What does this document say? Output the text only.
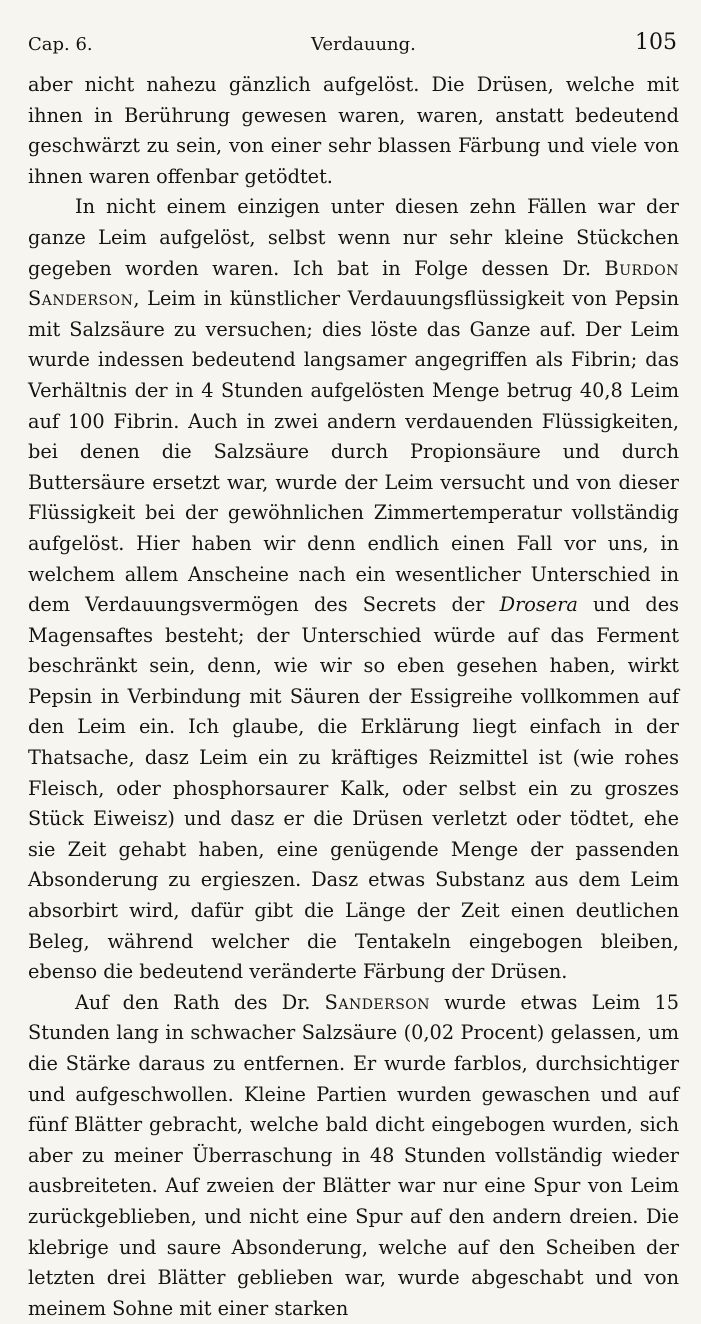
Cap. 6.	Verdauung.	105

aber nicht nahezu gänzlich aufgelöst. Die Drüsen, welche mit ihnen in Berührung gewesen waren, waren, anstatt bedeutend geschwärzt zu sein, von einer sehr blassen Färbung und viele von ihnen waren offenbar getödtet.

In nicht einem einzigen unter diesen zehn Fällen war der ganze Leim aufgelöst, selbst wenn nur sehr kleine Stückchen gegeben worden waren. Ich bat in Folge dessen Dr. Burdon Sanderson, Leim in künstlicher Verdauungsflüssigkeit von Pepsin mit Salzsäure zu versuchen; dies löste das Ganze auf. Der Leim wurde indessen bedeutend langsamer angegriffen als Fibrin; das Verhältnis der in 4 Stunden aufgelösten Menge betrug 40,8 Leim auf 100 Fibrin. Auch in zwei andern verdauenden Flüssigkeiten, bei denen die Salzsäure durch Propionsäure und durch Buttersäure ersetzt war, wurde der Leim versucht und von dieser Flüssigkeit bei der gewöhnlichen Zimmertemperatur vollständig aufgelöst. Hier haben wir denn endlich einen Fall vor uns, in welchem allem Anscheine nach ein wesentlicher Unterschied in dem Verdauungsvermögen des Secrets der Drosera und des Magensaftes besteht; der Unterschied würde auf das Ferment beschränkt sein, denn, wie wir so eben gesehen haben, wirkt Pepsin in Verbindung mit Säuren der Essigreihe vollkommen auf den Leim ein. Ich glaube, die Erklärung liegt einfach in der Thatsache, dasz Leim ein zu kräftiges Reizmittel ist (wie rohes Fleisch, oder phosphorsaurer Kalk, oder selbst ein zu groszes Stück Eiweisz) und dasz er die Drüsen verletzt oder tödtet, ehe sie Zeit gehabt haben, eine genügende Menge der passenden Absonderung zu ergieszen. Dasz etwas Substanz aus dem Leim absorbirt wird, dafür gibt die Länge der Zeit einen deutlichen Beleg, während welcher die Tentakeln eingebogen bleiben, ebenso die bedeutend veränderte Färbung der Drüsen.

Auf den Rath des Dr. Sanderson wurde etwas Leim 15 Stunden lang in schwacher Salzsäure (0,02 Procent) gelassen, um die Stärke daraus zu entfernen. Er wurde farblos, durchsichtiger und aufgeschwollen. Kleine Partien wurden gewaschen und auf fünf Blätter gebracht, welche bald dicht eingebogen wurden, sich aber zu meiner Überraschung in 48 Stunden vollständig wieder ausbreiteten. Auf zweien der Blätter war nur eine Spur von Leim zurückgeblieben, und nicht eine Spur auf den andern dreien. Die klebrige und saure Absonderung, welche auf den Scheiben der letzten drei Blätter geblieben war, wurde abgeschabt und von meinem Sohne mit einer starken
